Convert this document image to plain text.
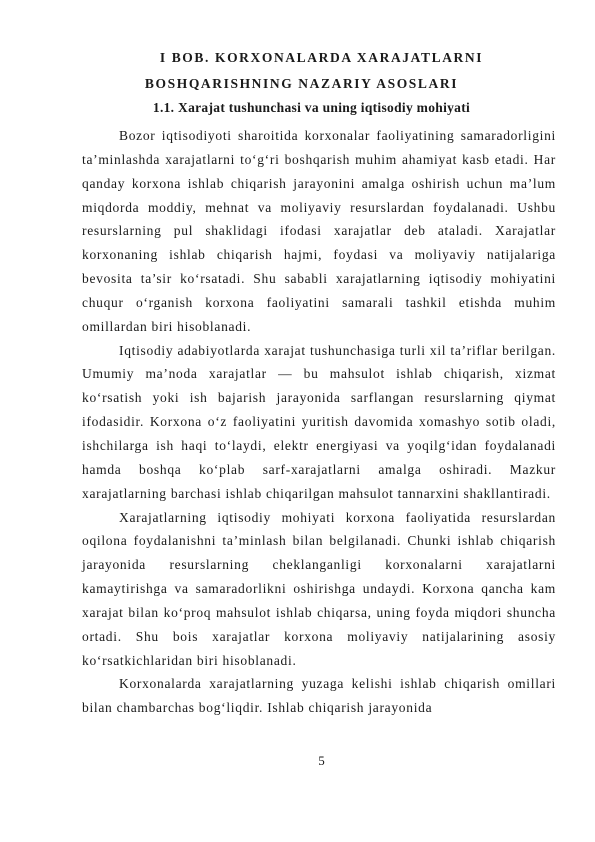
I BOB. KORXONALARDA XARAJATLARNI
BOSHQARISHNING NAZARIY ASOSLARI
1.1. Xarajat tushunchasi va uning iqtisodiy mohiyati

Bozor iqtisodiyoti sharoitida korxonalar faoliyatining samaradorligini ta’minlashda xarajatlarni to‘g‘ri boshqarish muhim ahamiyat kasb etadi. Har qanday korxona ishlab chiqarish jarayonini amalga oshirish uchun ma’lum miqdorda moddiy, mehnat va moliyaviy resurslardan foydalanadi. Ushbu resurslarning pul shaklidagi ifodasi xarajatlar deb ataladi. Xarajatlar korxonaning ishlab chiqarish hajmi, foydasi va moliyaviy natijalariga bevosita ta’sir ko‘rsatadi. Shu sababli xarajatlarning iqtisodiy mohiyatini chuqur o‘rganish korxona faoliyatini samarali tashkil etishda muhim omillardan biri hisoblanadi.

Iqtisodiy adabiyotlarda xarajat tushunchasiga turli xil ta’riflar berilgan. Umumiy ma’noda xarajatlar — bu mahsulot ishlab chiqarish, xizmat ko‘rsatish yoki ish bajarish jarayonida sarflangan resurslarning qiymat ifodasidir. Korxona o‘z faoliyatini yuritish davomida xomashyo sotib oladi, ishchilarga ish haqi to‘laydi, elektr energiyasi va yoqilg‘idan foydalanadi hamda boshqa ko‘plab sarf-xarajatlarni amalga oshiradi. Mazkur xarajatlarning barchasi ishlab chiqarilgan mahsulot tannarxini shakllantiradi.

Xarajatlarning iqtisodiy mohiyati korxona faoliyatida resurslardan oqilona foydalanishni ta’minlash bilan belgilanadi. Chunki ishlab chiqarish jarayonida resurslarning cheklanganligi korxonalarni xarajatlarni kamaytirishga va samaradorlikni oshirishga undaydi. Korxona qancha kam xarajat bilan ko‘proq mahsulot ishlab chiqarsa, uning foyda miqdori shuncha ortadi. Shu bois xarajatlar korxona moliyaviy natijalarining asosiy ko‘rsatkichlaridan biri hisoblanadi.

Korxonalarda xarajatlarning yuzaga kelishi ishlab chiqarish omillari bilan chambarchas bog‘liqdir. Ishlab chiqarish jarayonida

5
